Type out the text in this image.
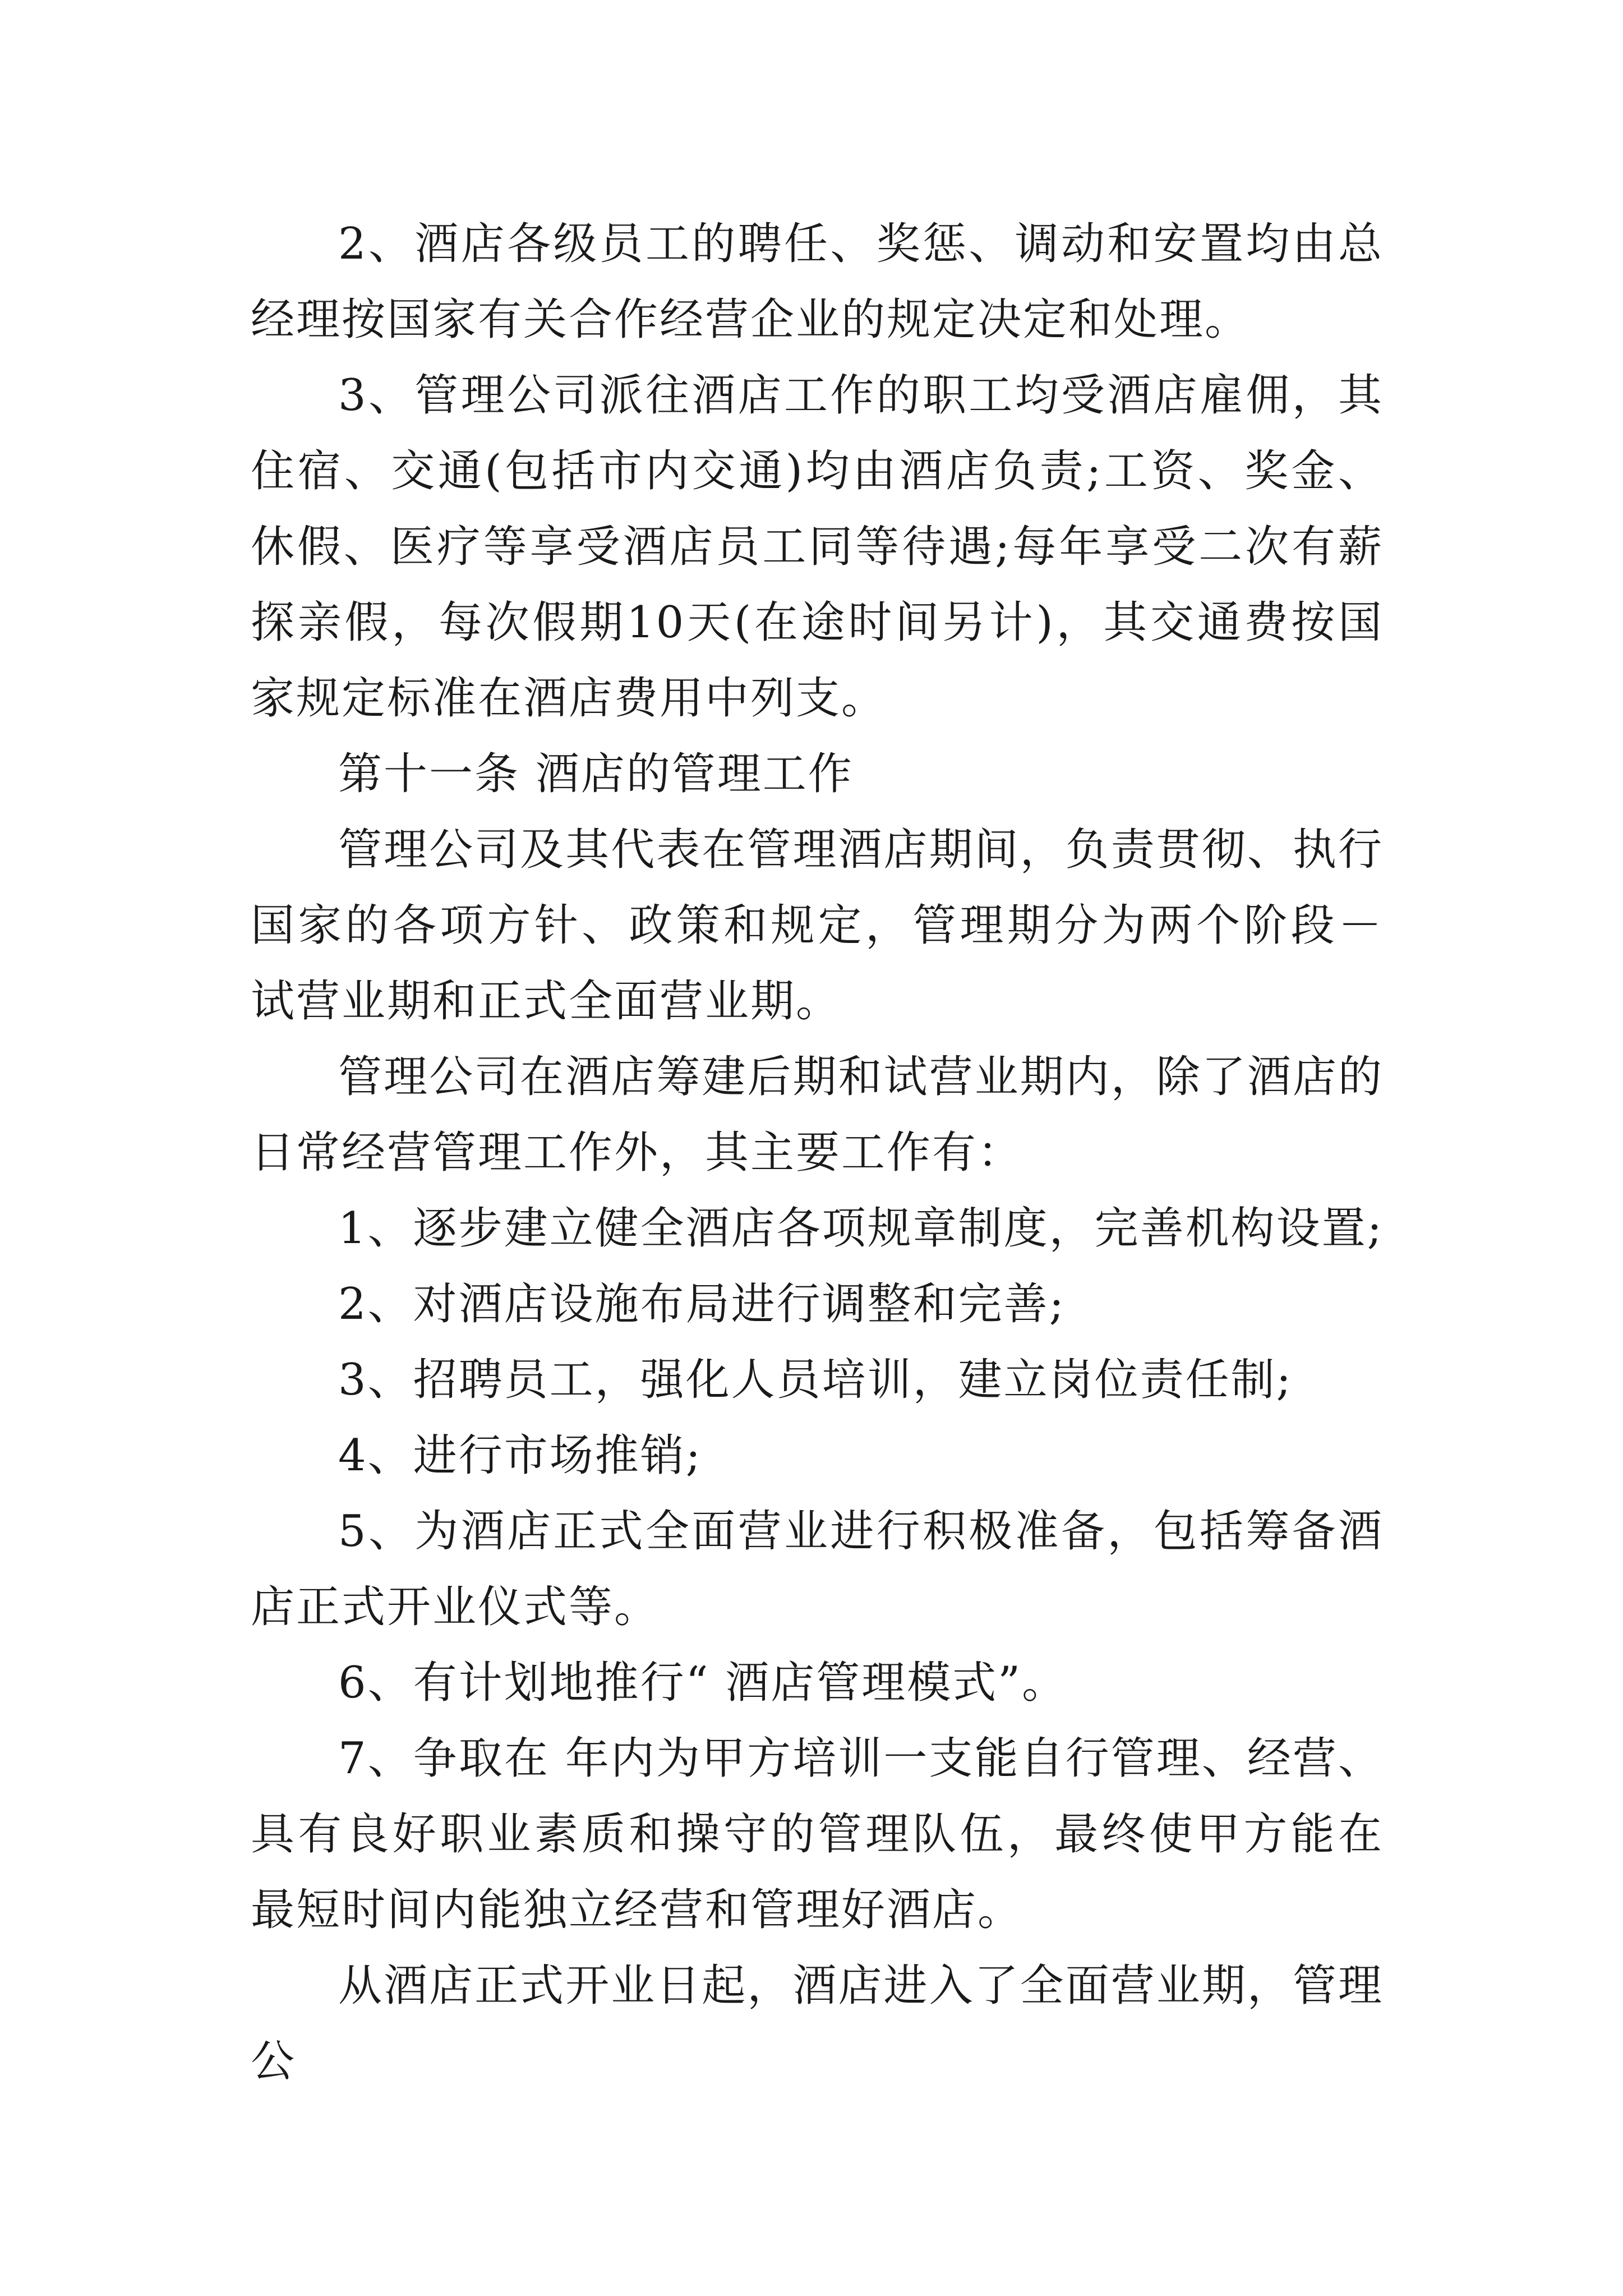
2、酒店各级员工的聘任、奖惩、调动和安置均由总经理按国家有关合作经营企业的规定决定和处理。

3、管理公司派往酒店工作的职工均受酒店雇佣，其住宿、交通(包括市内交通)均由酒店负责;工资、奖金、休假、医疗等享受酒店员工同等待遇;每年享受二次有薪探亲假，每次假期10天(在途时间另计)，其交通费按国家规定标准在酒店费用中列支。

第十一条 酒店的管理工作

管理公司及其代表在管理酒店期间，负责贯彻、执行国家的各项方针、政策和规定，管理期分为两个阶段－试营业期和正式全面营业期。

管理公司在酒店筹建后期和试营业期内，除了酒店的日常经营管理工作外，其主要工作有：

1、逐步建立健全酒店各项规章制度，完善机构设置;

2、对酒店设施布局进行调整和完善;

3、招聘员工，强化人员培训，建立岗位责任制;

4、进行市场推销;

5、为酒店正式全面营业进行积极准备，包括筹备酒店正式开业仪式等。

6、有计划地推行“ 酒店管理模式”。

7、争取在 年内为甲方培训一支能自行管理、经营、具有良好职业素质和操守的管理队伍，最终使甲方能在最短时间内能独立经营和管理好酒店。

从酒店正式开业日起，酒店进入了全面营业期，管理公
